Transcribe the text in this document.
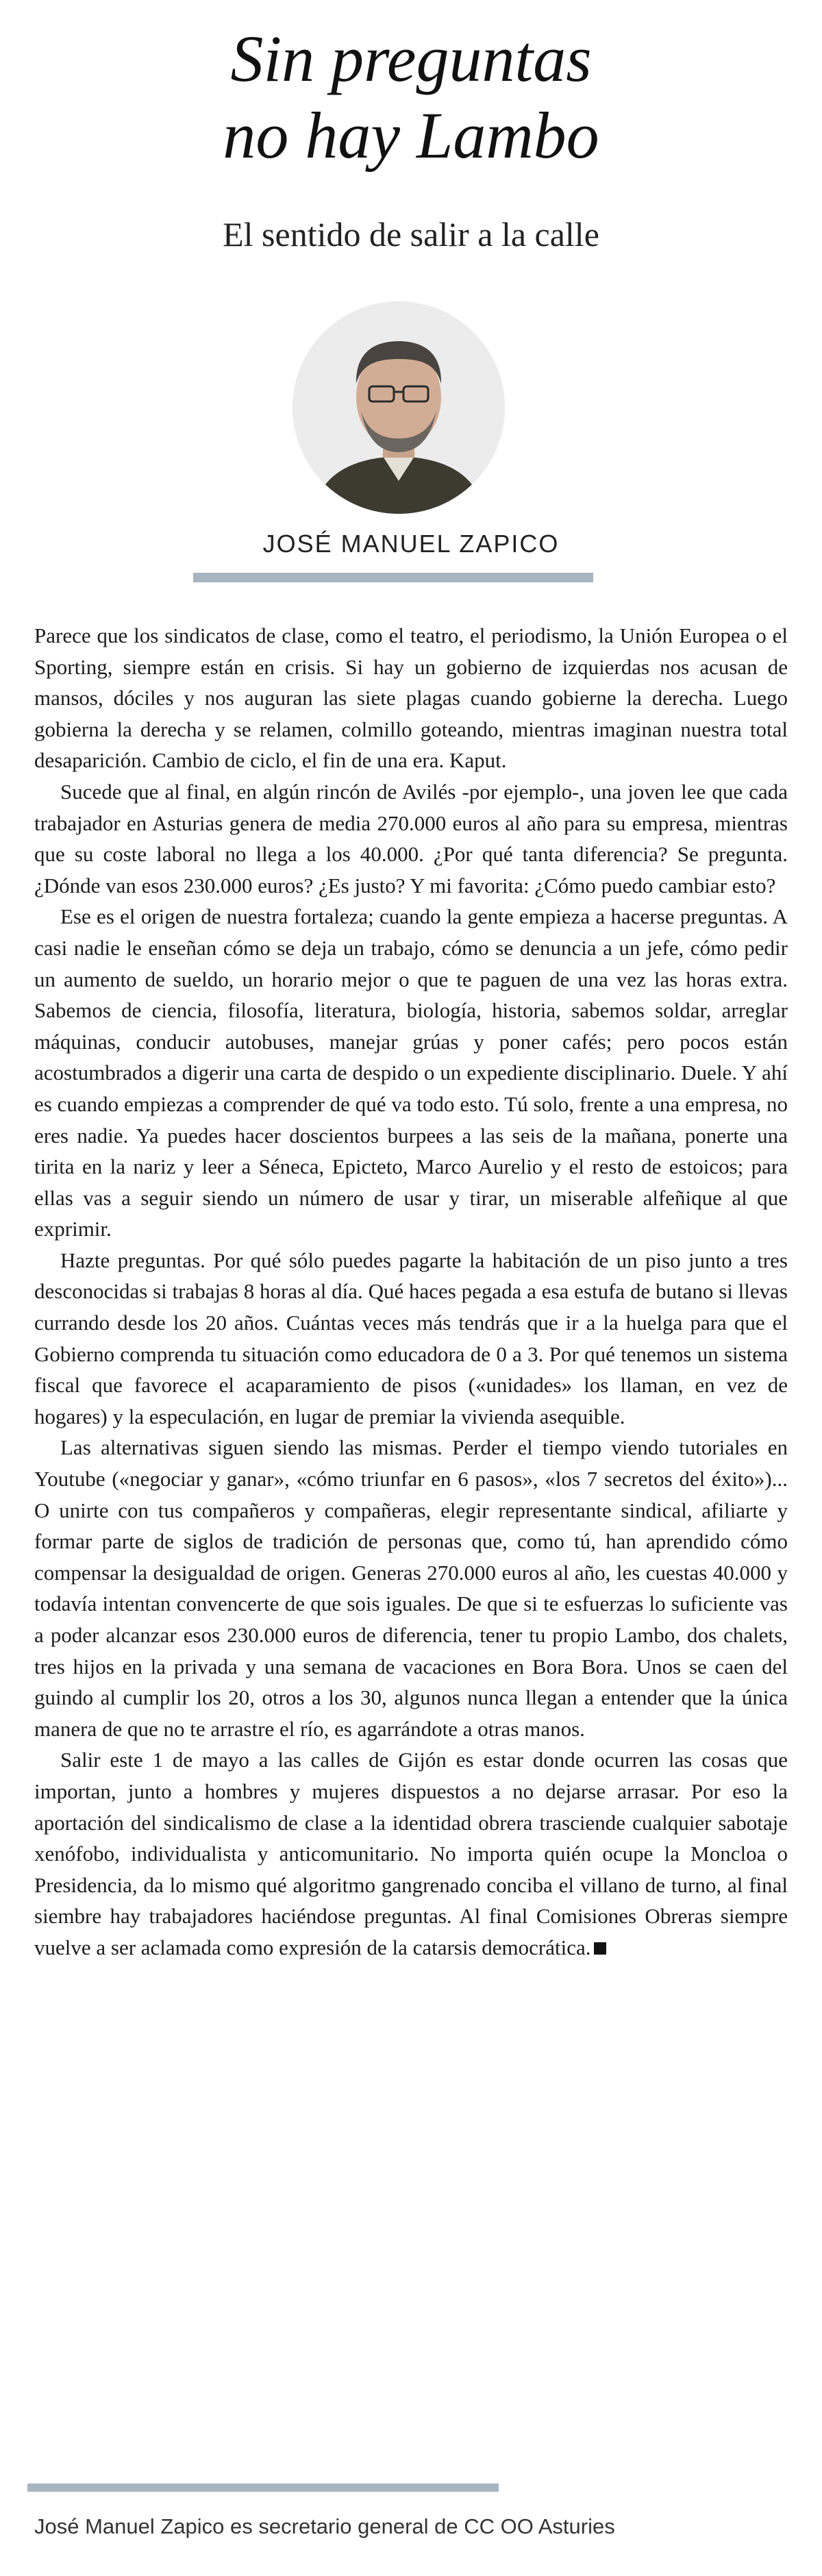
Sin preguntas
no hay Lambo
El sentido de salir a la calle
JOSÉ MANUEL ZAPICO

Parece que los sindicatos de clase, como el teatro, el periodismo, la Unión Europea o el Sporting, siempre están en crisis. Si hay un gobierno de izquierdas nos acusan de mansos, dóciles y nos auguran las siete plagas cuando gobierne la derecha. Luego gobierna la derecha y se relamen, colmillo goteando, mientras imaginan nuestra total desaparición. Cambio de ciclo, el fin de una era. Kaput.

Sucede que al final, en algún rincón de Avilés -por ejemplo-, una joven lee que cada trabajador en Asturias genera de media 270.000 euros al año para su empresa, mientras que su coste laboral no llega a los 40.000. ¿Por qué tanta diferencia? Se pregunta. ¿Dónde van esos 230.000 euros? ¿Es justo? Y mi favorita: ¿Cómo puedo cambiar esto?

Ese es el origen de nuestra fortaleza; cuando la gente empieza a hacerse preguntas. A casi nadie le enseñan cómo se deja un trabajo, cómo se denuncia a un jefe, cómo pedir un aumento de sueldo, un horario mejor o que te paguen de una vez las horas extra. Sabemos de ciencia, filosofía, literatura, biología, historia, sabemos soldar, arreglar máquinas, conducir autobuses, manejar grúas y poner cafés; pero pocos están acostumbrados a digerir una carta de despido o un expediente disciplinario. Duele. Y ahí es cuando empiezas a comprender de qué va todo esto. Tú solo, frente a una empresa, no eres nadie. Ya puedes hacer doscientos burpees a las seis de la mañana, ponerte una tirita en la nariz y leer a Séneca, Epicteto, Marco Aurelio y el resto de estoicos; para ellas vas a seguir siendo un número de usar y tirar, un miserable alfeñique al que exprimir.

Hazte preguntas. Por qué sólo puedes pagarte la habitación de un piso junto a tres desconocidas si trabajas 8 horas al día. Qué haces pegada a esa estufa de butano si llevas currando desde los 20 años. Cuántas veces más tendrás que ir a la huelga para que el Gobierno comprenda tu situación como educadora de 0 a 3. Por qué tenemos un sistema fiscal que favorece el acaparamiento de pisos («unidades» los llaman, en vez de hogares) y la especulación, en lugar de premiar la vivienda asequible.

Las alternativas siguen siendo las mismas. Perder el tiempo viendo tutoriales en Youtube («negociar y ganar», «cómo triunfar en 6 pasos», «los 7 secretos del éxito»)... O unirte con tus compañeros y compañeras, elegir representante sindical, afiliarte y formar parte de siglos de tradición de personas que, como tú, han aprendido cómo compensar la desigualdad de origen. Generas 270.000 euros al año, les cuestas 40.000 y todavía intentan convencerte de que sois iguales. De que si te esfuerzas lo suficiente vas a poder alcanzar esos 230.000 euros de diferencia, tener tu propio Lambo, dos chalets, tres hijos en la privada y una semana de vacaciones en Bora Bora. Unos se caen del guindo al cumplir los 20, otros a los 30, algunos nunca llegan a entender que la única manera de que no te arrastre el río, es agarrándote a otras manos.

Salir este 1 de mayo a las calles de Gijón es estar donde ocurren las cosas que importan, junto a hombres y mujeres dispuestos a no dejarse arrasar. Por eso la aportación del sindicalismo de clase a la identidad obrera trasciende cualquier sabotaje xenófobo, individualista y anticomunitario. No importa quién ocupe la Moncloa o Presidencia, da lo mismo qué algoritmo gangrenado conciba el villano de turno, al final siembre hay trabajadores haciéndose preguntas. Al final Comisiones Obreras siempre vuelve a ser aclamada como expresión de la catarsis democrática.

José Manuel Zapico es secretario general de CC OO Asturies
